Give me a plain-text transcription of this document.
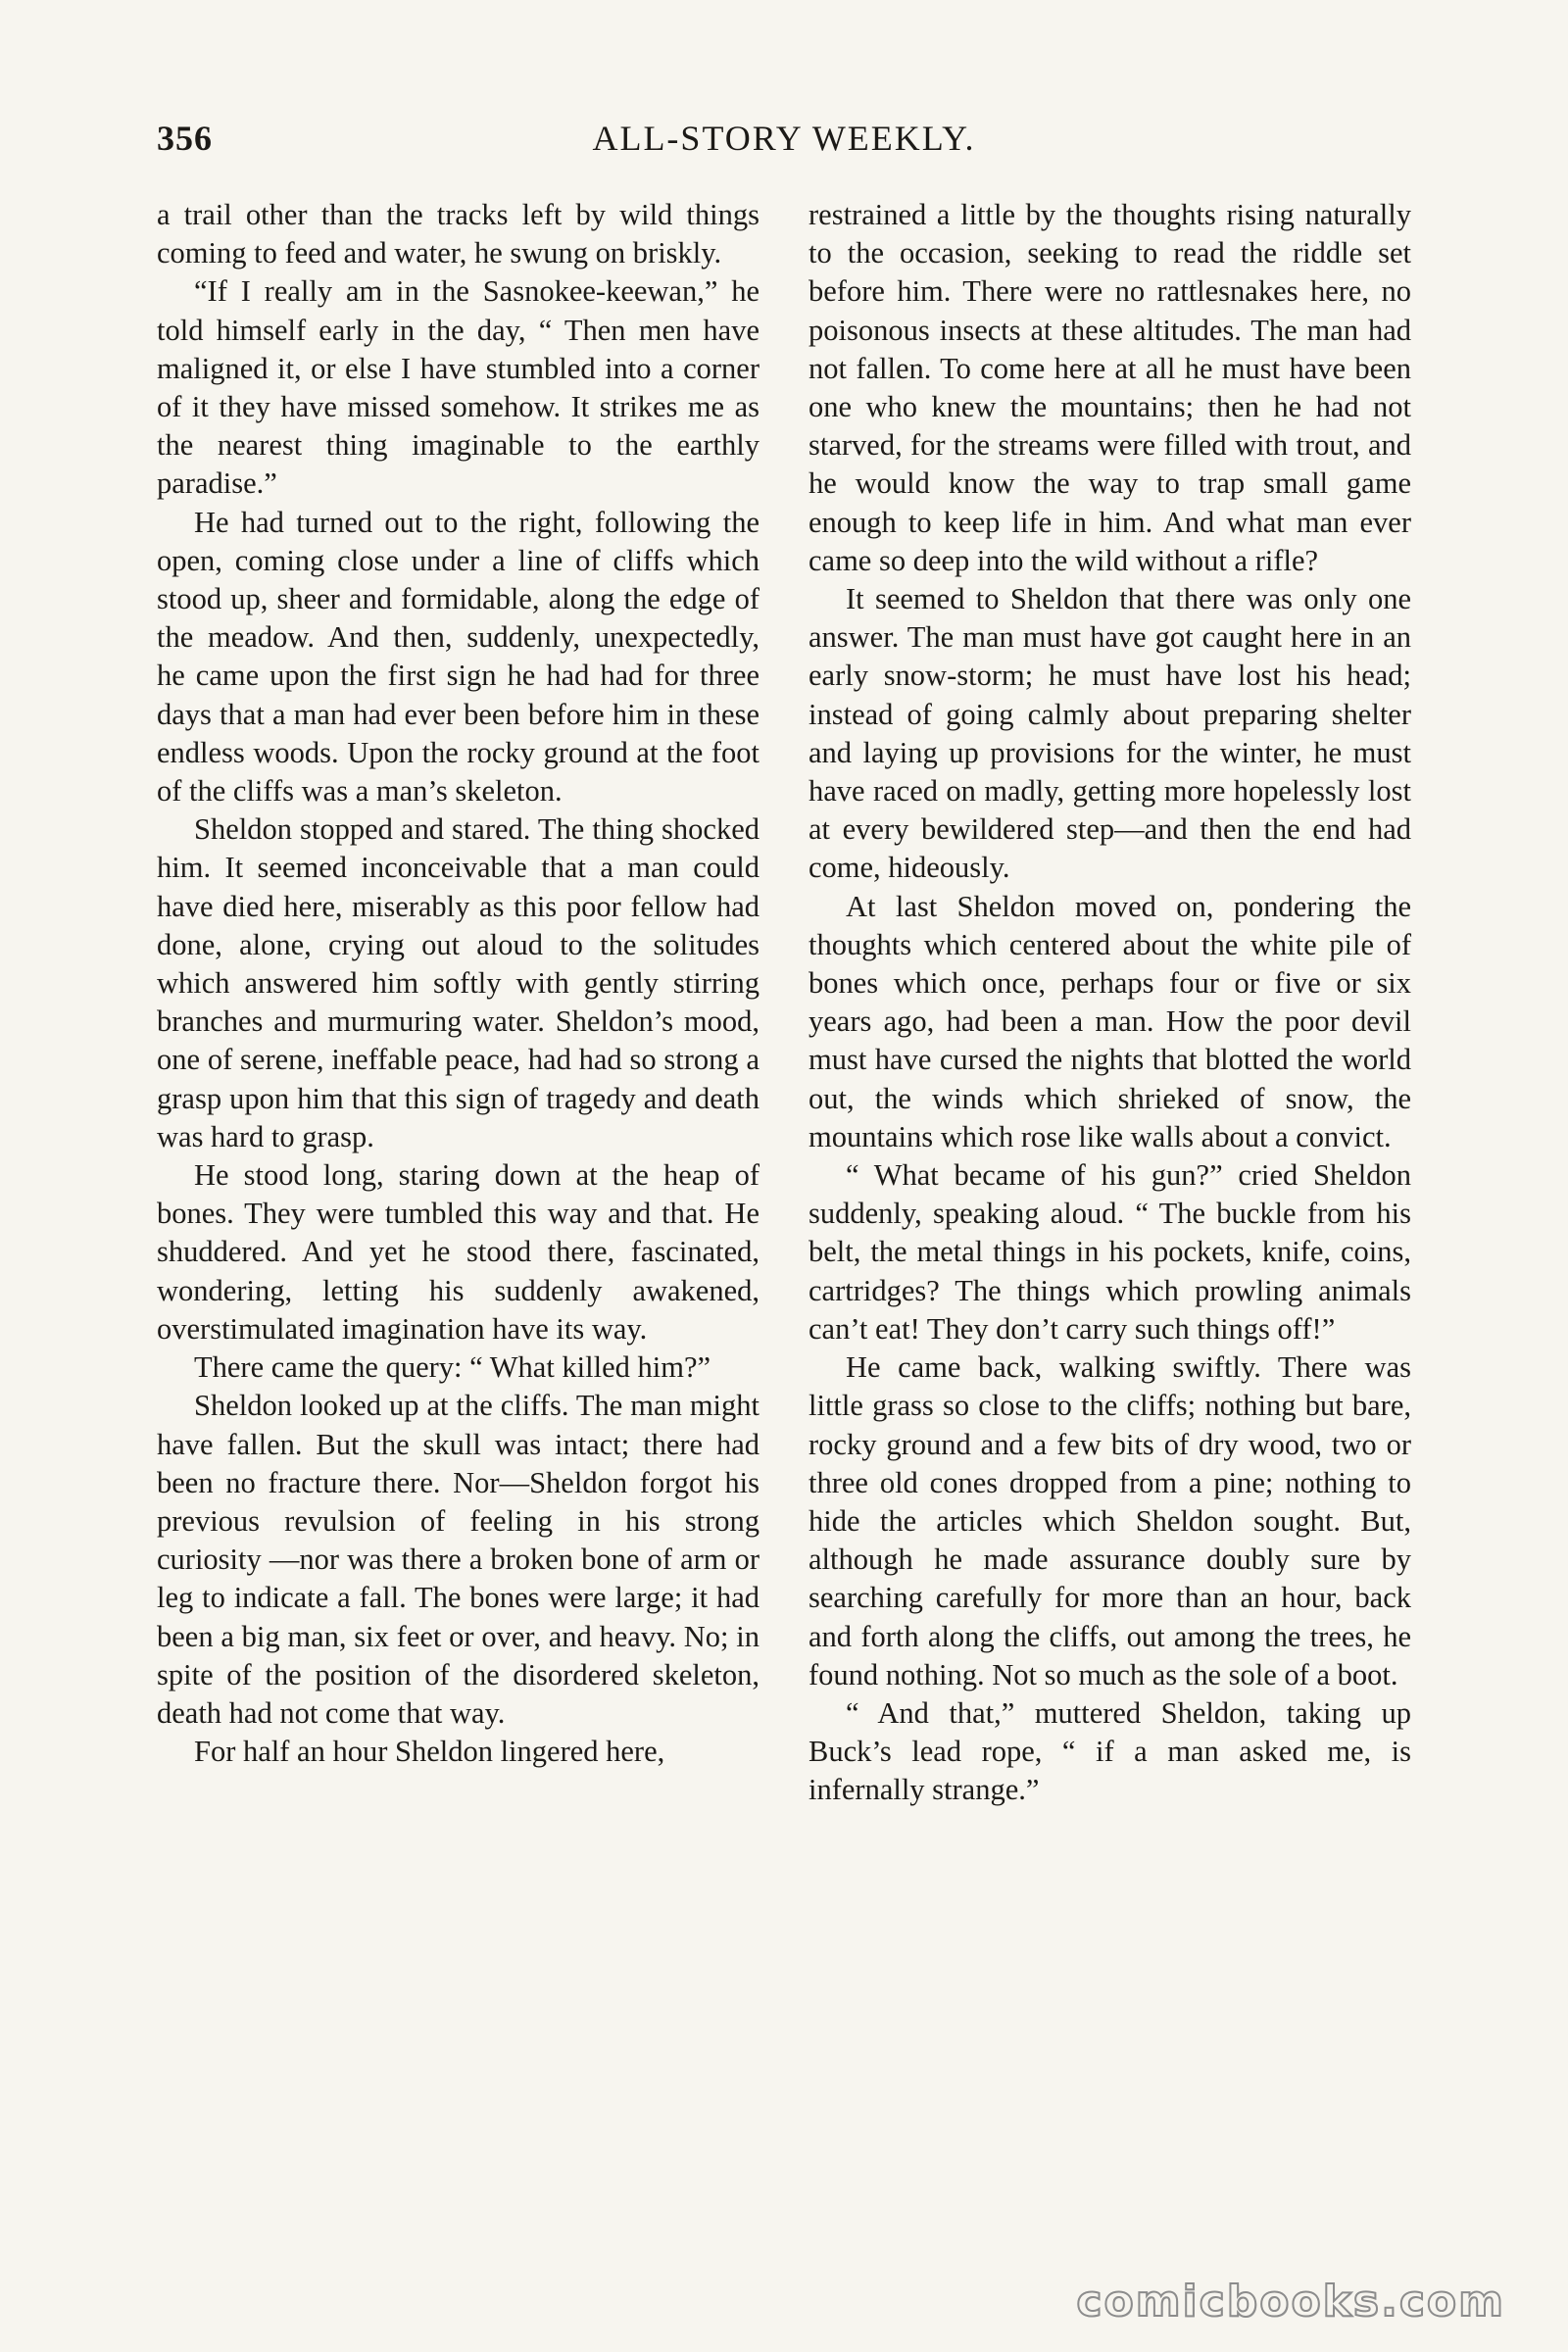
356	ALL-STORY WEEKLY.

a trail other than the tracks left by wild things coming to feed and water, he swung on briskly.

“If I really am in the Sasnokee-keewan,” he told himself early in the day, “ Then men have maligned it, or else I have stumbled into a corner of it they have missed somehow. It strikes me as the nearest thing imaginable to the earthly paradise.”

He had turned out to the right, following the open, coming close under a line of cliffs which stood up, sheer and formidable, along the edge of the meadow. And then, suddenly, unexpectedly, he came upon the first sign he had had for three days that a man had ever been before him in these endless woods. Upon the rocky ground at the foot of the cliffs was a man’s skeleton.

Sheldon stopped and stared. The thing shocked him. It seemed inconceivable that a man could have died here, miserably as this poor fellow had done, alone, crying out aloud to the solitudes which answered him softly with gently stirring branches and murmuring water. Sheldon’s mood, one of serene, ineffable peace, had had so strong a grasp upon him that this sign of tragedy and death was hard to grasp.

He stood long, staring down at the heap of bones. They were tumbled this way and that. He shuddered. And yet he stood there, fascinated, wondering, letting his suddenly awakened, overstimulated imagination have its way.

There came the query: “ What killed him?”

Sheldon looked up at the cliffs. The man might have fallen. But the skull was intact; there had been no fracture there. Nor—Sheldon forgot his previous revulsion of feeling in his strong curiosity —nor was there a broken bone of arm or leg to indicate a fall. The bones were large; it had been a big man, six feet or over, and heavy. No; in spite of the position of the disordered skeleton, death had not come that way.

For half an hour Sheldon lingered here,

restrained a little by the thoughts rising naturally to the occasion, seeking to read the riddle set before him. There were no rattlesnakes here, no poisonous insects at these altitudes. The man had not fallen. To come here at all he must have been one who knew the mountains; then he had not starved, for the streams were filled with trout, and he would know the way to trap small game enough to keep life in him. And what man ever came so deep into the wild without a rifle?

It seemed to Sheldon that there was only one answer. The man must have got caught here in an early snow-storm; he must have lost his head; instead of going calmly about preparing shelter and laying up provisions for the winter, he must have raced on madly, getting more hopelessly lost at every bewildered step—and then the end had come, hideously.

At last Sheldon moved on, pondering the thoughts which centered about the white pile of bones which once, perhaps four or five or six years ago, had been a man. How the poor devil must have cursed the nights that blotted the world out, the winds which shrieked of snow, the mountains which rose like walls about a convict.

“ What became of his gun?” cried Sheldon suddenly, speaking aloud. “ The buckle from his belt, the metal things in his pockets, knife, coins, cartridges? The things which prowling animals can’t eat! They don’t carry such things off!”

He came back, walking swiftly. There was little grass so close to the cliffs; nothing but bare, rocky ground and a few bits of dry wood, two or three old cones dropped from a pine; nothing to hide the articles which Sheldon sought. But, although he made assurance doubly sure by searching carefully for more than an hour, back and forth along the cliffs, out among the trees, he found nothing. Not so much as the sole of a boot.

“ And that,” muttered Sheldon, taking up Buck’s lead rope, “ if a man asked me, is infernally strange.”

comicbooks.com
